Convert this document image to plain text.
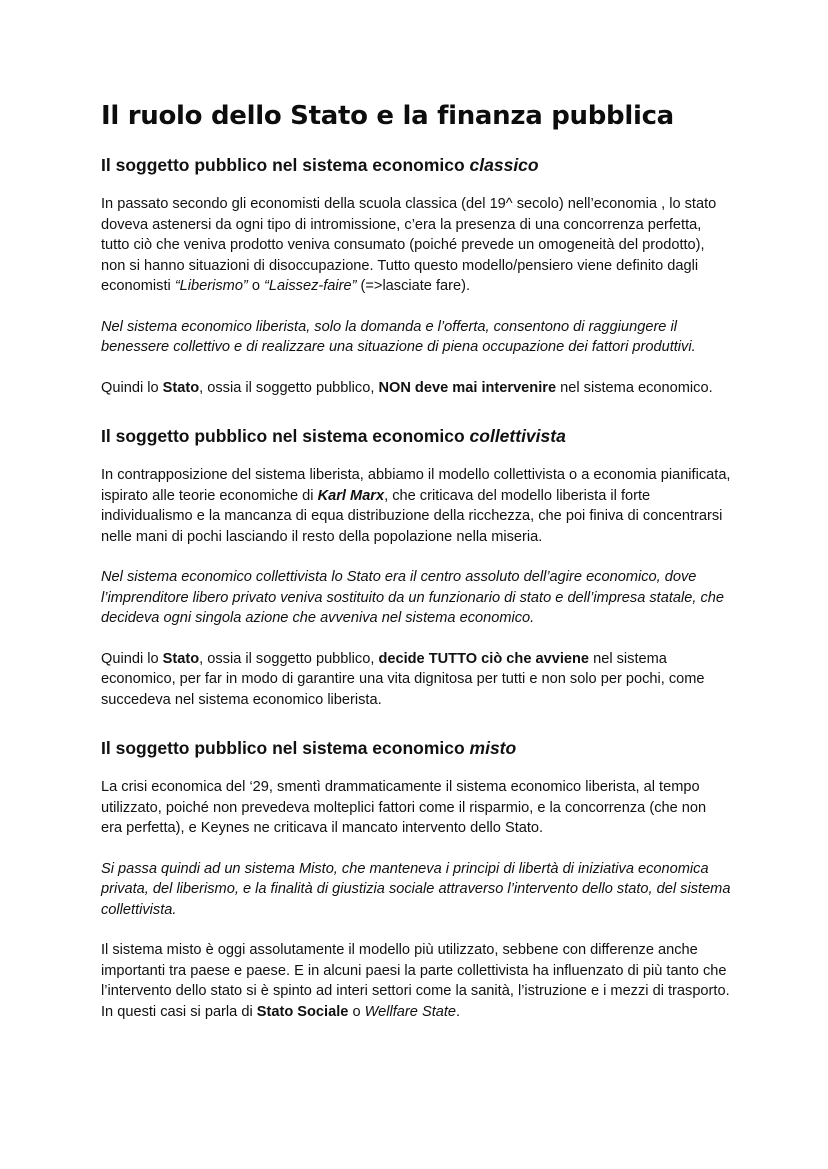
Il ruolo dello Stato e la finanza pubblica
Il soggetto pubblico nel sistema economico classico

In passato secondo gli economisti della scuola classica (del 19^ secolo) nell’economia , lo stato doveva astenersi da ogni tipo di intromissione, c’era la presenza di una concorrenza perfetta, tutto ciò che veniva prodotto veniva consumato (poiché prevede un omogeneità del prodotto), non si hanno situazioni di disoccupazione. Tutto questo modello/pensiero viene definito dagli economisti “Liberismo” o “Laissez-faire” (=>lasciate fare).

Nel sistema economico liberista, solo la domanda e l’offerta, consentono di raggiungere il benessere collettivo e di realizzare una situazione di piena occupazione dei fattori produttivi.

Quindi lo Stato, ossia il soggetto pubblico, NON deve mai intervenire nel sistema economico.

Il soggetto pubblico nel sistema economico collettivista

In contrapposizione del sistema liberista, abbiamo il modello collettivista o a economia pianificata, ispirato alle teorie economiche di Karl Marx, che criticava del modello liberista il forte individualismo e la mancanza di equa distribuzione della ricchezza, che poi finiva di concentrarsi nelle mani di pochi lasciando il resto della popolazione nella miseria.

Nel sistema economico collettivista lo Stato era il centro assoluto dell’agire economico, dove l’imprenditore libero privato veniva sostituito da un funzionario di stato e dell’impresa statale, che decideva ogni singola azione che avveniva nel sistema economico.

Quindi lo Stato, ossia il soggetto pubblico, decide TUTTO ciò che avviene nel sistema economico, per far in modo di garantire una vita dignitosa per tutti e non solo per pochi, come succedeva nel sistema economico liberista.

Il soggetto pubblico nel sistema economico misto

La crisi economica del ‘29, smentì drammaticamente il sistema economico liberista, al tempo utilizzato, poiché non prevedeva molteplici fattori come il risparmio, e la concorrenza (che non era perfetta), e Keynes ne criticava il mancato intervento dello Stato.

Si passa quindi ad un sistema Misto, che manteneva i principi di libertà di iniziativa economica privata, del liberismo, e la finalità di giustizia sociale attraverso l’intervento dello stato, del sistema collettivista.

Il sistema misto è oggi assolutamente il modello più utilizzato, sebbene con differenze anche importanti tra paese e paese. E in alcuni paesi la parte collettivista ha influenzato di più tanto che l’intervento dello stato si è spinto ad interi settori come la sanità, l’istruzione e i mezzi di trasporto. In questi casi si parla di Stato Sociale o Wellfare State.
